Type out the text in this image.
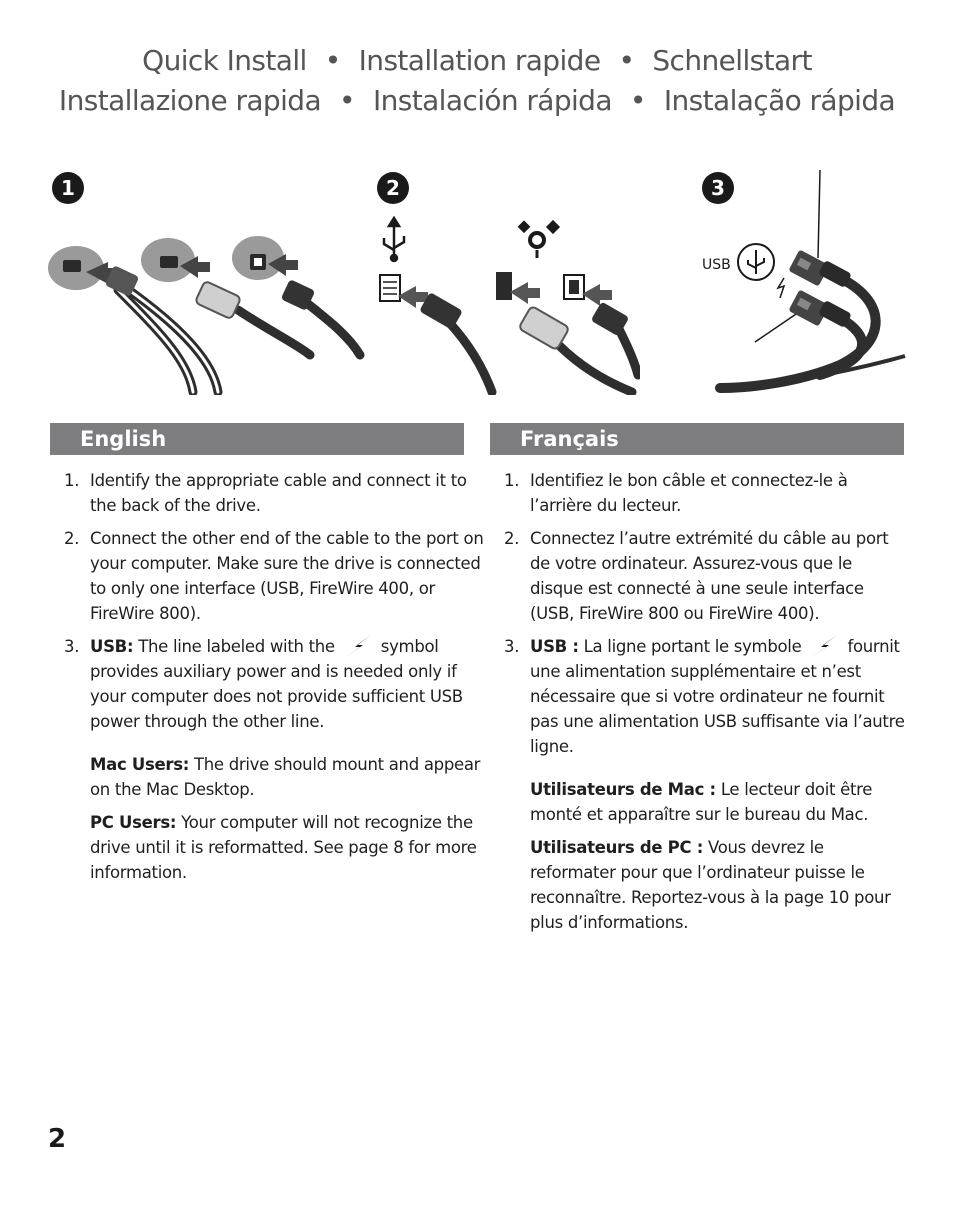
Quick Install • Installation rapide • Schnellstart
Installazione rapida • Instalación rápida • Instalação rápida
1	2	3
USB
English	Français
1. Identify the appropriate cable and connect it to the back of the drive.
2. Connect the other end of the cable to the port on your computer. Make sure the drive is connected to only one interface (USB, FireWire 400, or FireWire 800).
3. USB: The line labeled with the	symbol provides auxiliary power and is needed only if your computer does not provide sufficient USB power through the other line.
Mac Users: The drive should mount and appear on the Mac Desktop.
PC Users: Your computer will not recognize the drive until it is reformatted. See page 8 for more information.
1. Identifiez le bon câble et connectez-le à l’arrière du lecteur.
2. Connectez l’autre extrémité du câble au port de votre ordinateur. Assurez-vous que le disque est connecté à une seule interface (USB, FireWire 800 ou FireWire 400).
3. USB : La ligne portant le symbole	fournit une alimentation supplémentaire et n’est nécessaire que si votre ordinateur ne fournit pas une alimentation USB suffisante via l’autre ligne.
Utilisateurs de Mac : Le lecteur doit être monté et apparaître sur le bureau du Mac.
Utilisateurs de PC : Vous devrez le reformater pour que l’ordinateur puisse le reconnaître. Reportez-vous à la page 10 pour plus d’informations.
2
